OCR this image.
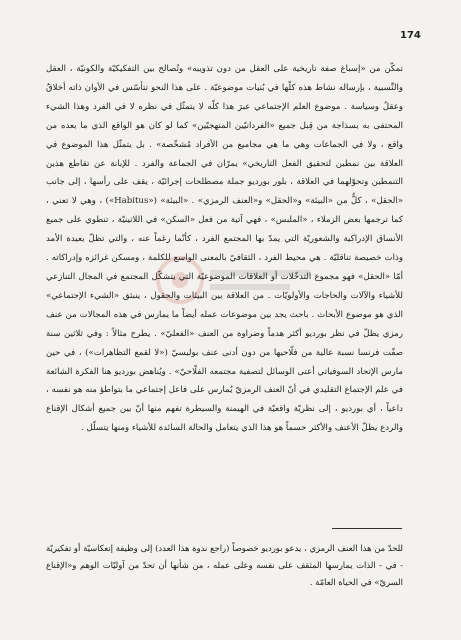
174

تمكّن من «إسباغ صفة تاريخية على العقل من دون تذويبه» وتُصالح بين التفكيكيّة والكونيّة ، العقل والنِّسبية ، بإرساله نشاط هذه كلّها في بُنيات موضوعيّة . على هذا النحو تتأسّس في الأوان ذاته أخلاقٌ وعقلٌ وسياسة . موضوع العلم الإجتماعي عبرَ هذا كلّه لا يتمثّل في نظره لا في الفرد وهذا الشيء المحتفى به بسذاجة من قِبل جميع «الفردانيّين المنهجيّين» كما لو كان هو الواقع الذي ما بعده من واقع ، ولا في الجماعات وهي ما هي مجاميع من الأفراد مُشخّصة» . بل يتمثّل هذا الموضوع في العلاقة بين نمطين لتحقيق الفعل التاريخي» يمرّان في الجماعة والفرد . للإبانة عن تقاطع هذين التنمطين وتحوّلهما في العلاقة ، بلور بورديو جملة مصطلحات إجرائيّة ، يقف على رأسها ، إلى جانب «الحقل» ، كلٌّ من «البيئة» و«الحقل» و«العنف الرمزي» . «البيئة» («Habitus») ، وهي لا تعني ، كما ترجمها بعض الزملاء ، «الملبس» ، فهي آتية من فعل «السكن» في اللاتينيّة ، تنطوي على جميع الأنساق الإدراكية والشعوريّة التي يمدّ بها المجتمع الفرد ، كأنّما رغماً عنه ، والتي تظلّ بعيدة الأمد وذات خصيصة تناقليّة . هي محيط الفرد ، الثقافيّ بالمعنى الواسع للكلمة ، ومسكن غرائزه وإدراكاته . أمّا «الحقل» فهو مجموع التدخّلات أو العلاقات الموضوعيّة التي يتشكّل المجتمع في المجال التنازعي للأشياء والآلات والحاجات والأولويّات . من العلاقة بين البيئات والحقول ، ينبثق «الشيء الإجتماعي» الذي هو موضوع الأبحاث . باحث يجد بين موضوعات عمله أيضاً ما يمارس في هذه المجالات من عنف رمزي يظلّ في نظر بورديو أكثر هدماً وضراوة من العنف «الفعليّ» . يطرح مثالاً : وفي ثلاثين سنة صفّت فرنسا نسبة عالية من فلّاحيها من دون أدنى عنف بوليسيّ («لا لقمع التظاهرات») ، في حين مارس الإتحاد السوفياتي أعتى الوسائل لتصفية مجتمعه الفلّاحيّ» . ويُناهض بورديو هنا الفكرة الشائعة في علم الإجتماع التقليدي في أنّ العنف الرمزيّ يُمارس على فاعل إجتماعي ما بتواطؤ منه هو نفسه ، داعياً ، أي بورديو ، إلى نظريّة واقعيّة في الهيمنة والسيطرة تفهم منها أنّ بين جميع أشكال الإقناع والردع يظلّ الأعنف والأكثر حسماً هو هذا الذي يتعامل والحالة السائدة للأشياء ومنها يتسلّل .

للحدّ من هذا العنف الرمزي ، يدعو بورديو خصوصاً (راجع ندوة هذا العدد) إلى وظيفة إنعكاسيّة أو تفكيريّة - في - الذات يمارسها المثقف على نفسه وعلى عمله ، من شأنها أن تحدّ من آوليّات الوهم و«الإقناع السريّ» في الحياة العامّة .
